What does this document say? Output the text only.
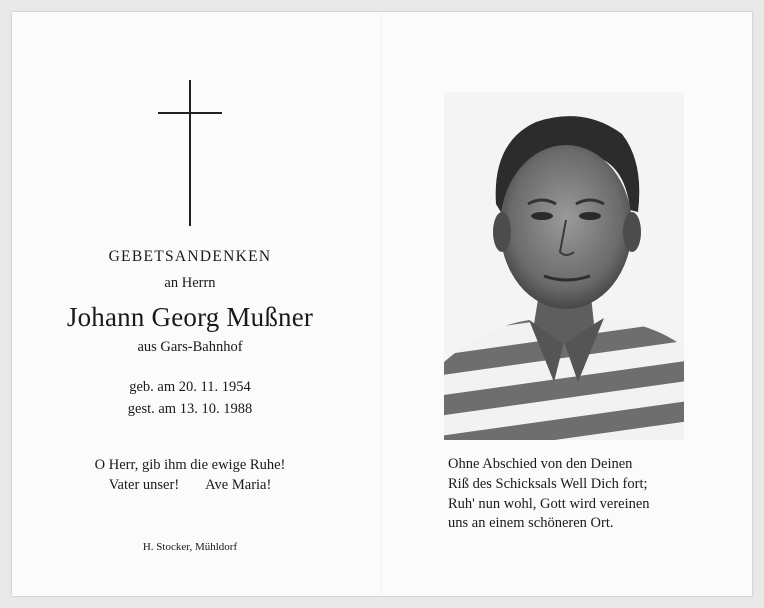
GEBETSANDENKEN
an Herrn
Johann Georg Mußner
aus Gars-Bahnhof
geb. am 20. 11. 1954
gest. am 13. 10. 1988
O Herr, gib ihm die ewige Ruhe!
Vater unser! Ave Maria!
H. Stocker, Mühldorf
Ohne Abschied von den Deinen
Riß des Schicksals Well Dich fort;
Ruh' nun wohl, Gott wird vereinen
uns an einem schöneren Ort.
